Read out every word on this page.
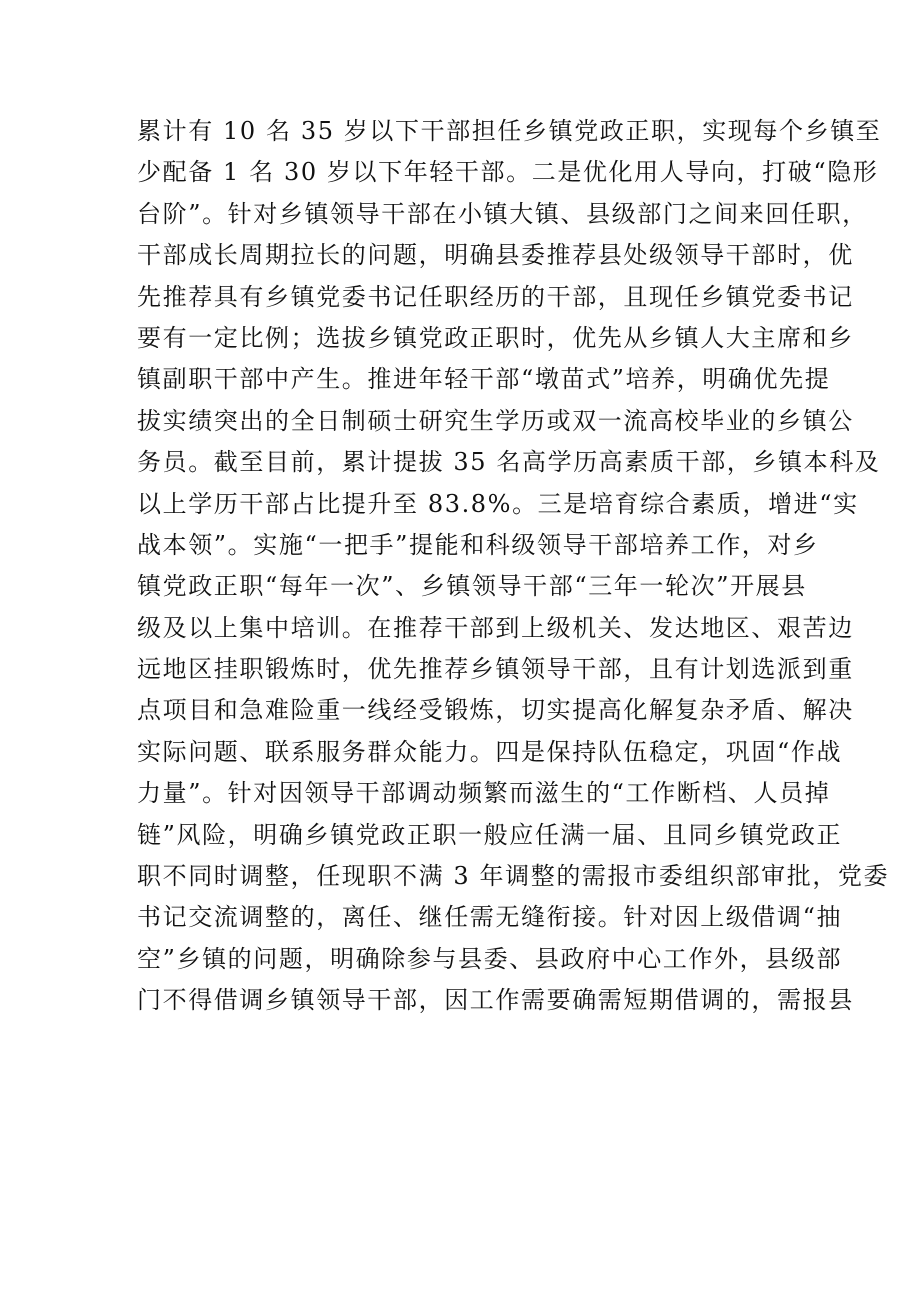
累计有 10 名 35 岁以下干部担任乡镇党政正职，实现每个乡镇至
少配备 1 名 30 岁以下年轻干部。二是优化用人导向，打破“隐形
台阶”。针对乡镇领导干部在小镇大镇、县级部门之间来回任职，
干部成长周期拉长的问题，明确县委推荐县处级领导干部时，优
先推荐具有乡镇党委书记任职经历的干部，且现任乡镇党委书记
要有一定比例；选拔乡镇党政正职时，优先从乡镇人大主席和乡
镇副职干部中产生。推进年轻干部“墩苗式”培养，明确优先提
拔实绩突出的全日制硕士研究生学历或双一流高校毕业的乡镇公
务员。截至目前，累计提拔 35 名高学历高素质干部，乡镇本科及
以上学历干部占比提升至 83.8%。三是培育综合素质，增进“实
战本领”。实施“一把手”提能和科级领导干部培养工作，对乡
镇党政正职“每年一次”、乡镇领导干部“三年一轮次”开展县
级及以上集中培训。在推荐干部到上级机关、发达地区、艰苦边
远地区挂职锻炼时，优先推荐乡镇领导干部，且有计划选派到重
点项目和急难险重一线经受锻炼，切实提高化解复杂矛盾、解决
实际问题、联系服务群众能力。四是保持队伍稳定，巩固“作战
力量”。针对因领导干部调动频繁而滋生的“工作断档、人员掉
链”风险，明确乡镇党政正职一般应任满一届、且同乡镇党政正
职不同时调整，任现职不满 3 年调整的需报市委组织部审批，党委
书记交流调整的，离任、继任需无缝衔接。针对因上级借调“抽
空”乡镇的问题，明确除参与县委、县政府中心工作外，县级部
门不得借调乡镇领导干部，因工作需要确需短期借调的，需报县
